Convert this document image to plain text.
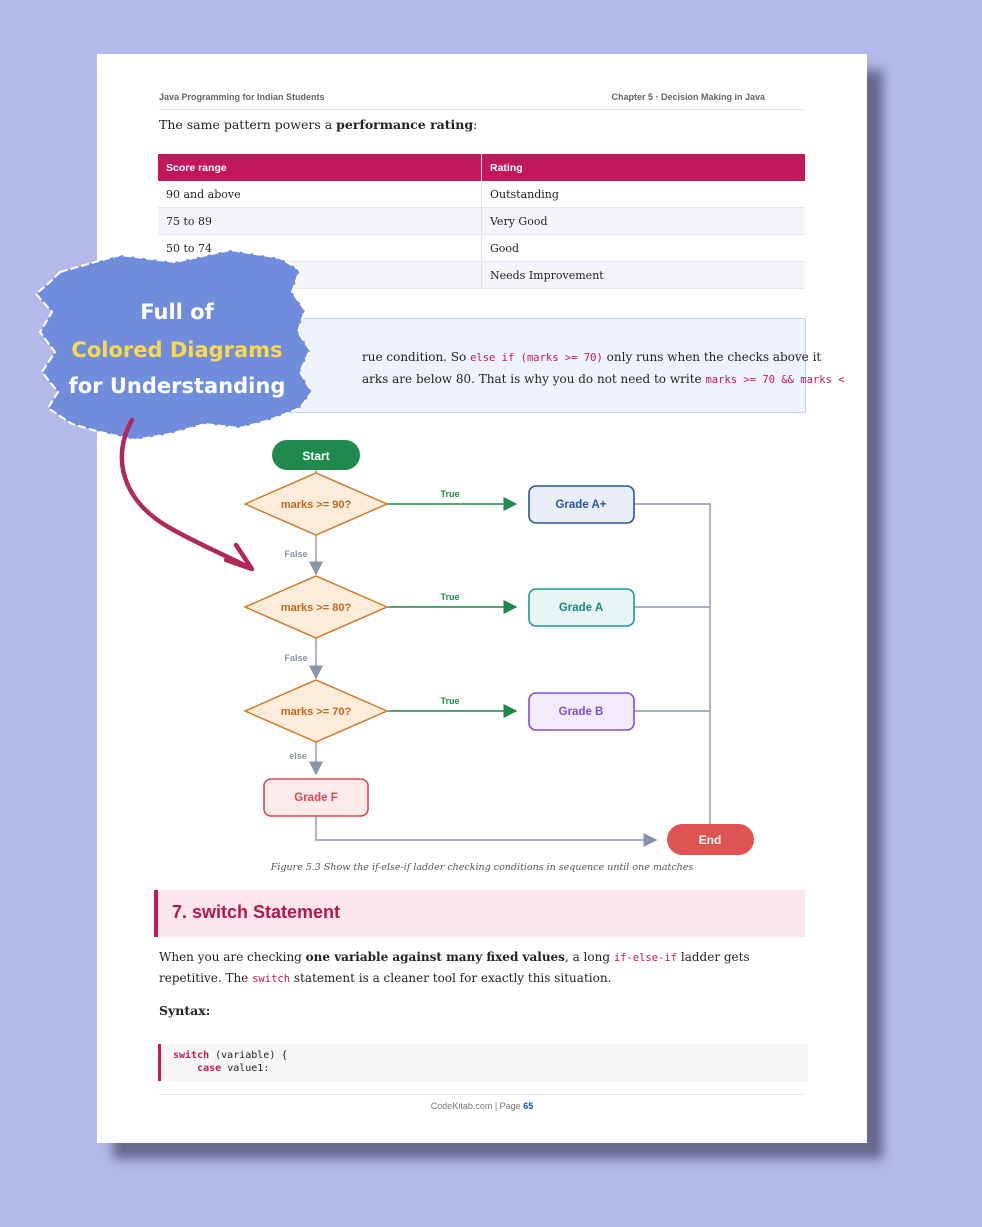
Java Programming for Indian Students	Chapter 5 · Decision Making in Java
The same pattern powers a performance rating:
Score range	Rating
90 and above	Outstanding
75 to 89	Very Good
50 to 74	Good
	Needs Improvement
rue condition. So else if (marks >= 70) only runs when the checks above it
arks are below 80. That is why you do not need to write marks >= 70 && marks <
Start
marks >= 90?
marks >= 80?
marks >= 70?
True
True
True
False
False
else
Grade A+
Grade A
Grade B
Grade F
End
Figure 5.3 Show the if-else-if ladder checking conditions in sequence until one matches
7. switch Statement
When you are checking one variable against many fixed values, a long if-else-if ladder gets repetitive. The switch statement is a cleaner tool for exactly this situation.
Syntax:
switch (variable) {
case value1:
CodeKitab.com | Page 65
Full of
Colored Diagrams
for Understanding
